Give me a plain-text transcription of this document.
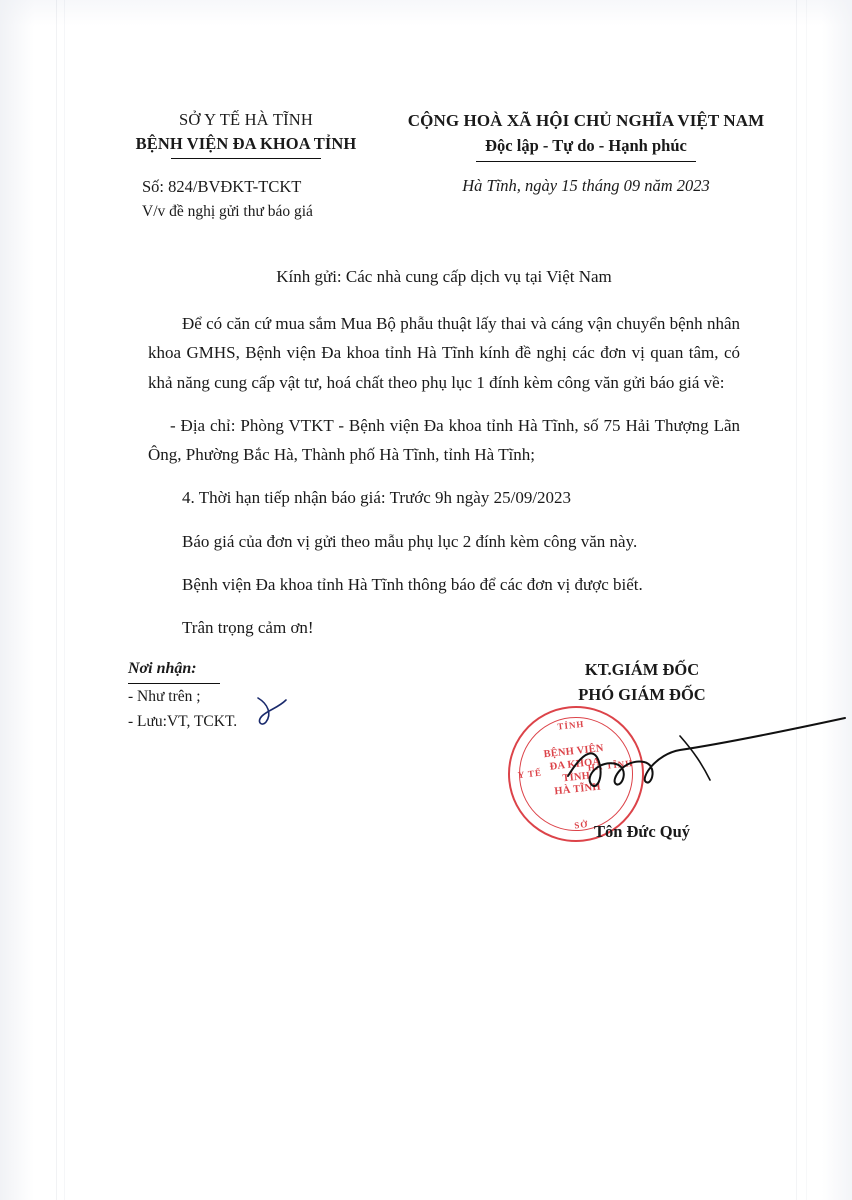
SỞ Y TẾ HÀ TĨNH
BỆNH VIỆN ĐA KHOA TỈNH
CỘNG HOÀ XÃ HỘI CHỦ NGHĨA VIỆT NAM
Độc lập - Tự do - Hạnh phúc
Số: 824/BVĐKT-TCKT
V/v đề nghị gửi thư báo giá
Hà Tĩnh, ngày 15 tháng 09 năm 2023
Kính gửi: Các nhà cung cấp dịch vụ tại Việt Nam
Để có căn cứ mua sắm Mua Bộ phẫu thuật lấy thai và cáng vận chuyển bệnh nhân khoa GMHS, Bệnh viện Đa khoa tỉnh Hà Tĩnh kính đề nghị các đơn vị quan tâm, có khả năng cung cấp vật tư, hoá chất theo phụ lục 1 đính kèm công văn gửi báo giá về:
- Địa chỉ: Phòng VTKT - Bệnh viện Đa khoa tỉnh Hà Tĩnh, số 75 Hải Thượng Lãn Ông, Phường Bắc Hà, Thành phố Hà Tĩnh, tỉnh Hà Tĩnh;
4. Thời hạn tiếp nhận báo giá: Trước 9h ngày 25/09/2023
Báo giá của đơn vị gửi theo mẫu phụ lục 2 đính kèm công văn này.
Bệnh viện Đa khoa tỉnh Hà Tĩnh thông báo để các đơn vị được biết.
Trân trọng cảm ơn!
Nơi nhận:
- Như trên ;
- Lưu:VT, TCKT.
KT.GIÁM ĐỐC
PHÓ GIÁM ĐỐC
TỈNH
Y TẾ
HÀ TĨNH
SỞ
BỆNH VIỆN
ĐA KHOA
TỈNH
HÀ TĨNH
Tôn Đức Quý
